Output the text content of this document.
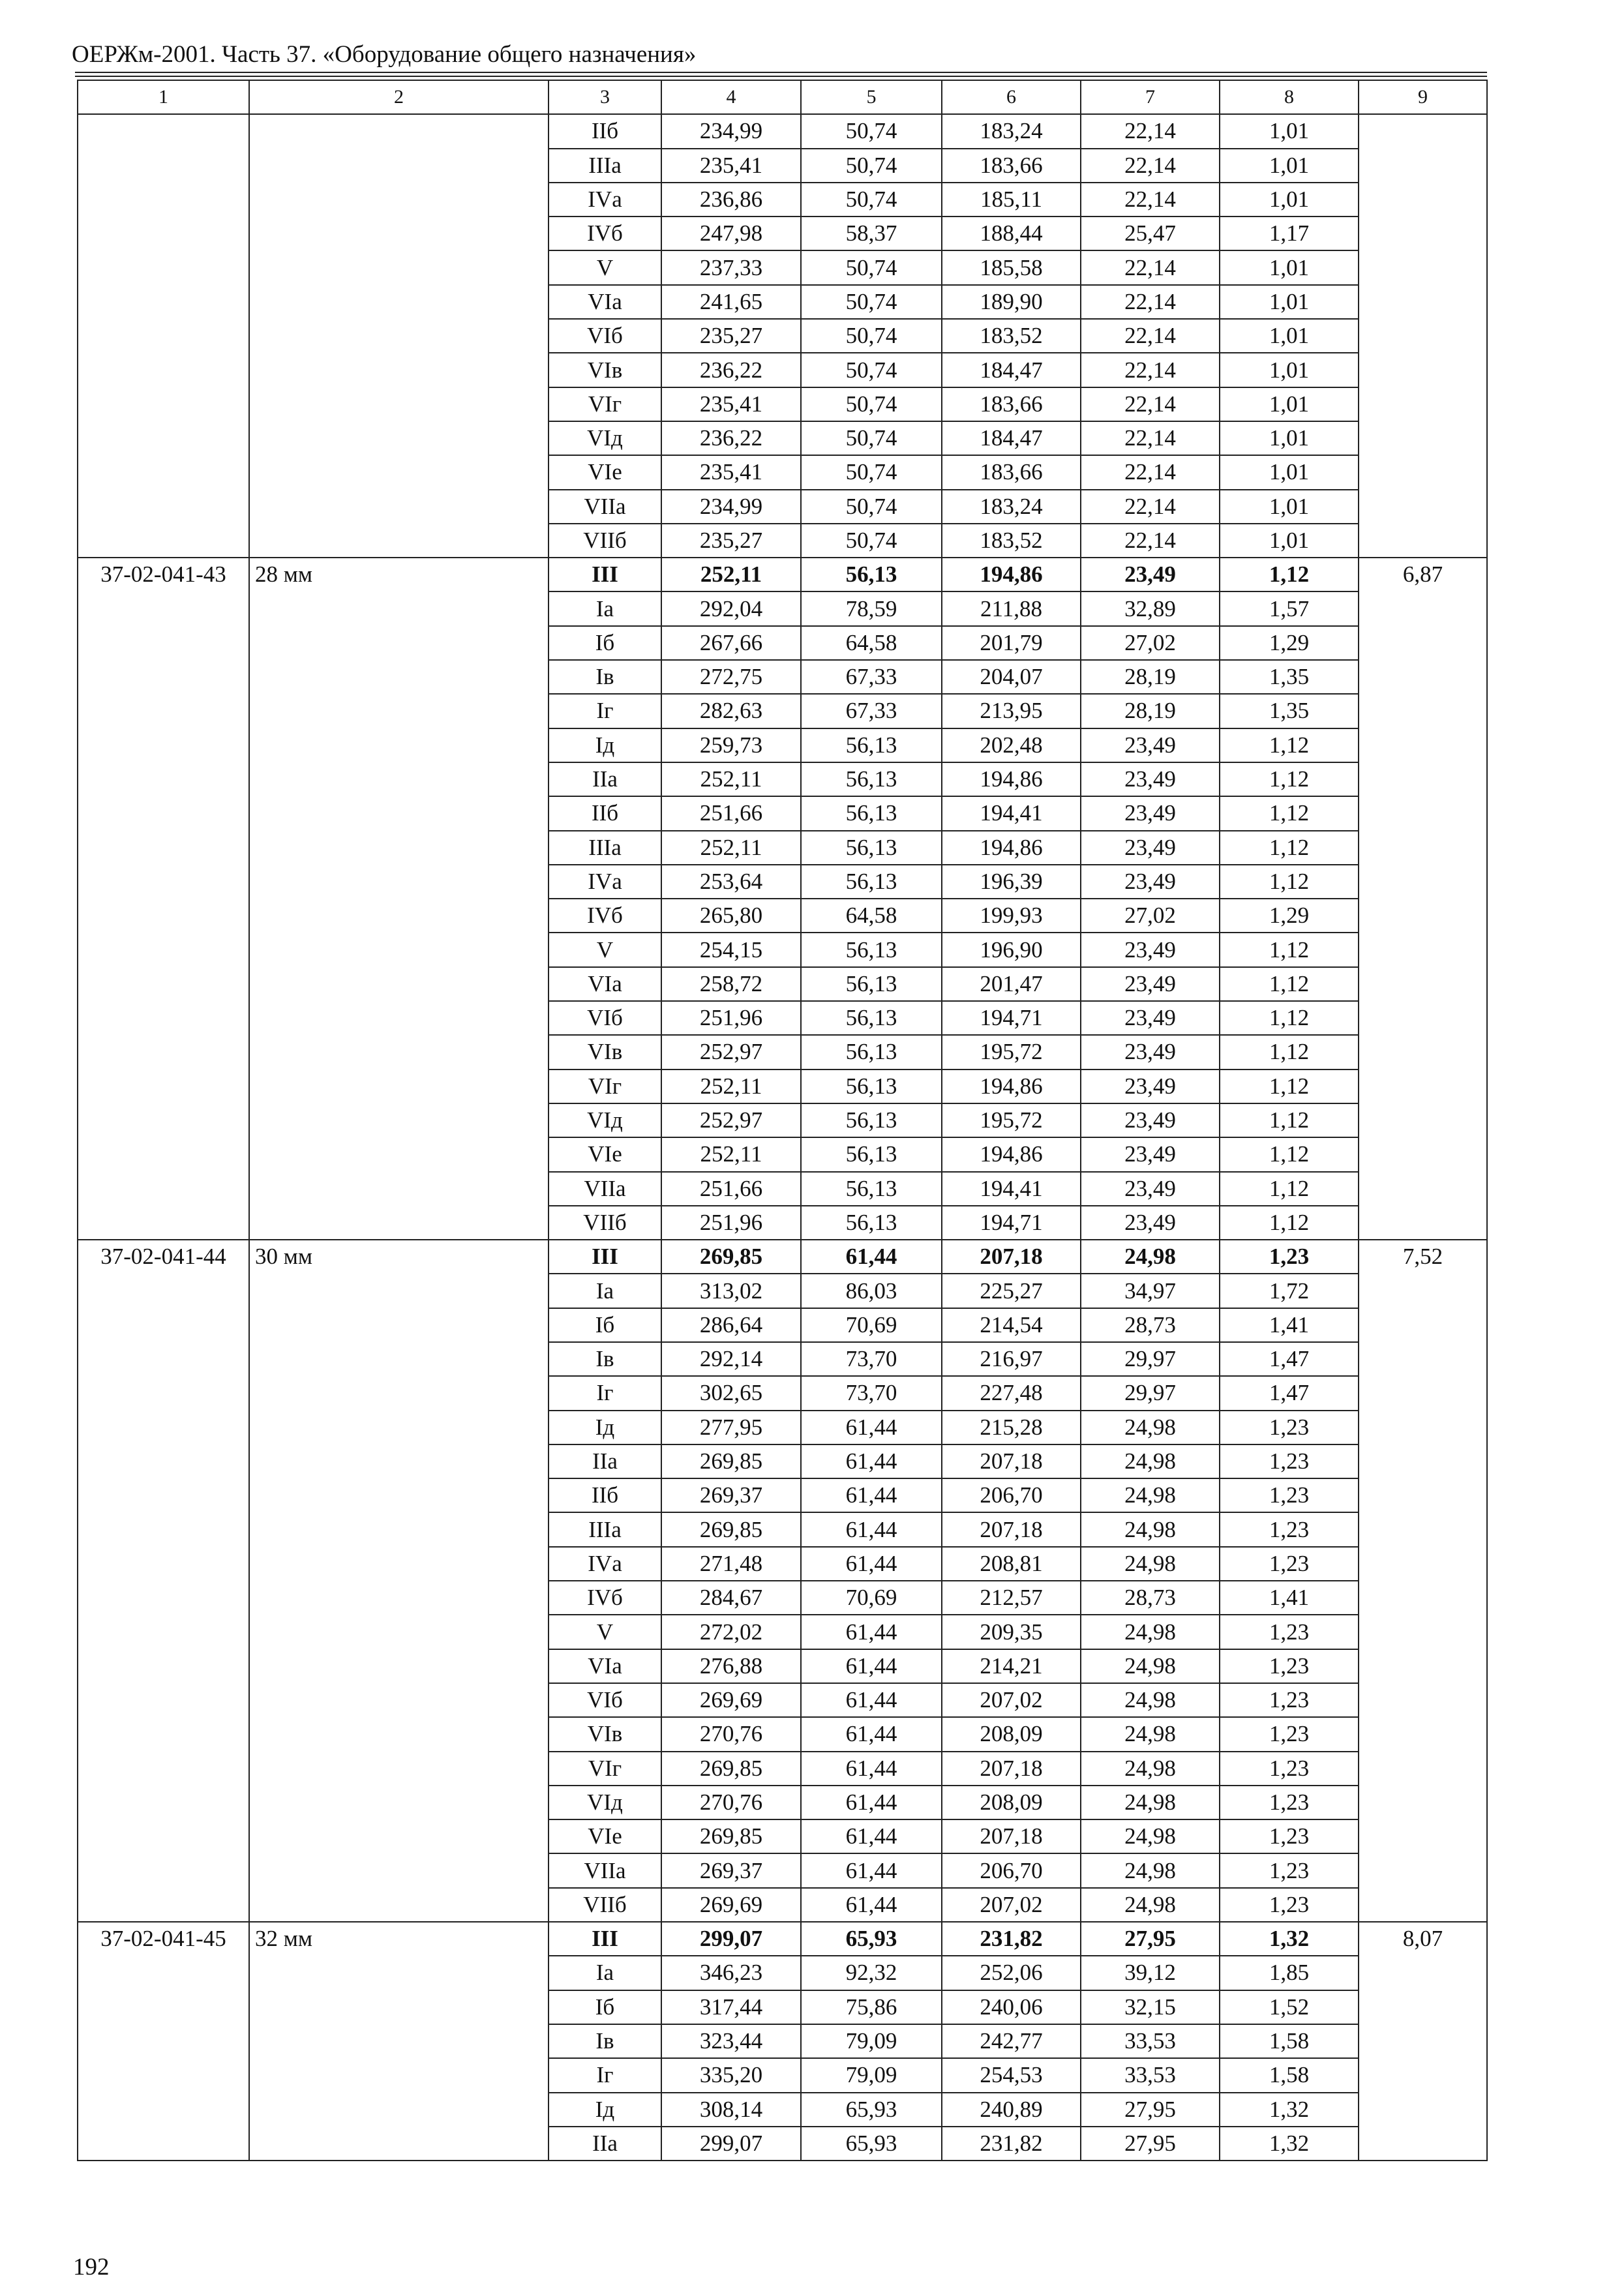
ОЕРЖм-2001. Часть 37. «Оборудование общего назначения»
1	2	3	4	5	6	7	8	9
		IIб	234,99	50,74	183,24	22,14	1,01	
		IIIа	235,41	50,74	183,66	22,14	1,01	
		IVа	236,86	50,74	185,11	22,14	1,01	
		IVб	247,98	58,37	188,44	25,47	1,17	
		V	237,33	50,74	185,58	22,14	1,01	
		VIа	241,65	50,74	189,90	22,14	1,01	
		VIб	235,27	50,74	183,52	22,14	1,01	
		VIв	236,22	50,74	184,47	22,14	1,01	
		VIг	235,41	50,74	183,66	22,14	1,01	
		VIд	236,22	50,74	184,47	22,14	1,01	
		VIе	235,41	50,74	183,66	22,14	1,01	
		VIIа	234,99	50,74	183,24	22,14	1,01	
		VIIб	235,27	50,74	183,52	22,14	1,01	
37-02-041-43	28 мм	III	252,11	56,13	194,86	23,49	1,12	6,87
		Iа	292,04	78,59	211,88	32,89	1,57	
		Iб	267,66	64,58	201,79	27,02	1,29	
		Iв	272,75	67,33	204,07	28,19	1,35	
		Iг	282,63	67,33	213,95	28,19	1,35	
		Iд	259,73	56,13	202,48	23,49	1,12	
		IIа	252,11	56,13	194,86	23,49	1,12	
		IIб	251,66	56,13	194,41	23,49	1,12	
		IIIа	252,11	56,13	194,86	23,49	1,12	
		IVа	253,64	56,13	196,39	23,49	1,12	
		IVб	265,80	64,58	199,93	27,02	1,29	
		V	254,15	56,13	196,90	23,49	1,12	
		VIа	258,72	56,13	201,47	23,49	1,12	
		VIб	251,96	56,13	194,71	23,49	1,12	
		VIв	252,97	56,13	195,72	23,49	1,12	
		VIг	252,11	56,13	194,86	23,49	1,12	
		VIд	252,97	56,13	195,72	23,49	1,12	
		VIе	252,11	56,13	194,86	23,49	1,12	
		VIIа	251,66	56,13	194,41	23,49	1,12	
		VIIб	251,96	56,13	194,71	23,49	1,12	
37-02-041-44	30 мм	III	269,85	61,44	207,18	24,98	1,23	7,52
		Iа	313,02	86,03	225,27	34,97	1,72	
		Iб	286,64	70,69	214,54	28,73	1,41	
		Iв	292,14	73,70	216,97	29,97	1,47	
		Iг	302,65	73,70	227,48	29,97	1,47	
		Iд	277,95	61,44	215,28	24,98	1,23	
		IIа	269,85	61,44	207,18	24,98	1,23	
		IIб	269,37	61,44	206,70	24,98	1,23	
		IIIа	269,85	61,44	207,18	24,98	1,23	
		IVа	271,48	61,44	208,81	24,98	1,23	
		IVб	284,67	70,69	212,57	28,73	1,41	
		V	272,02	61,44	209,35	24,98	1,23	
		VIа	276,88	61,44	214,21	24,98	1,23	
		VIб	269,69	61,44	207,02	24,98	1,23	
		VIв	270,76	61,44	208,09	24,98	1,23	
		VIг	269,85	61,44	207,18	24,98	1,23	
		VIд	270,76	61,44	208,09	24,98	1,23	
		VIе	269,85	61,44	207,18	24,98	1,23	
		VIIа	269,37	61,44	206,70	24,98	1,23	
		VIIб	269,69	61,44	207,02	24,98	1,23	
37-02-041-45	32 мм	III	299,07	65,93	231,82	27,95	1,32	8,07
		Iа	346,23	92,32	252,06	39,12	1,85	
		Iб	317,44	75,86	240,06	32,15	1,52	
		Iв	323,44	79,09	242,77	33,53	1,58	
		Iг	335,20	79,09	254,53	33,53	1,58	
		Iд	308,14	65,93	240,89	27,95	1,32	
		IIа	299,07	65,93	231,82	27,95	1,32	
192
